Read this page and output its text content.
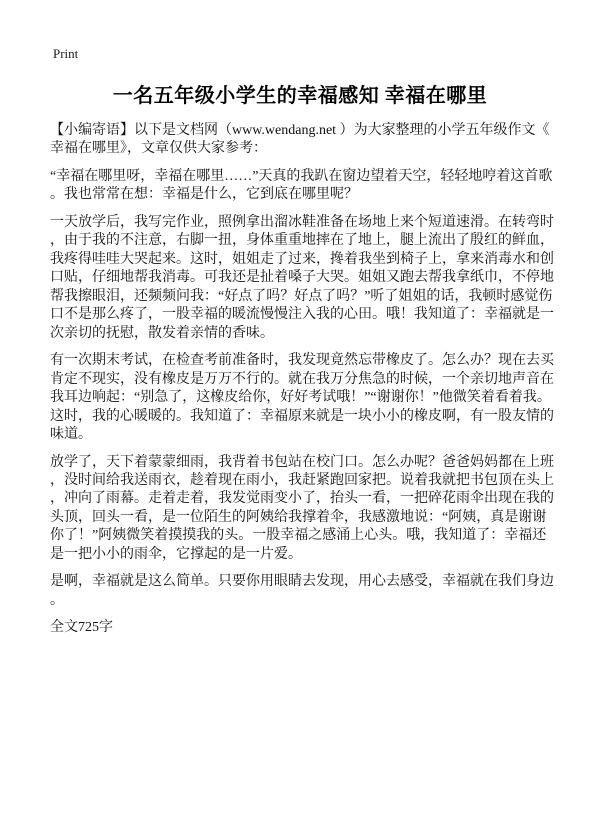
Print
一名五年级小学生的幸福感知 幸福在哪里

【小编寄语】以下是文档网（www.wendang.net ）为大家整理的小学五年级作文《幸福在哪里》，文章仅供大家参考：

“幸福在哪里呀，幸福在哪里……”天真的我趴在窗边望着天空，轻轻地哼着这首歌。我也常常在想：幸福是什么，它到底在哪里呢？

一天放学后，我写完作业，照例拿出溜冰鞋准备在场地上来个短道速滑。在转弯时，由于我的不注意，右脚一扭，身体重重地摔在了地上，腿上流出了殷红的鲜血，我疼得哇哇大哭起来。这时，姐姐走了过来，搀着我坐到椅子上，拿来消毒水和创口贴，仔细地帮我消毒。可我还是扯着嗓子大哭。姐姐又跑去帮我拿纸巾，不停地帮我擦眼泪，还频频问我：“好点了吗？好点了吗？”听了姐姐的话，我顿时感觉伤口不是那么疼了，一股幸福的暖流慢慢注入我的心田。哦！我知道了：幸福就是一次亲切的抚慰，散发着亲情的香味。

有一次期末考试，在检查考前准备时，我发现竟然忘带橡皮了。怎么办？现在去买肯定不现实，没有橡皮是万万不行的。就在我万分焦急的时候，一个亲切地声音在我耳边响起：“别急了，这橡皮给你，好好考试哦！”“谢谢你！”他微笑着看着我。这时，我的心暖暖的。我知道了：幸福原来就是一块小小的橡皮啊，有一股友情的味道。

放学了，天下着蒙蒙细雨，我背着书包站在校门口。怎么办呢？爸爸妈妈都在上班，没时间给我送雨衣，趁着现在雨小，我赶紧跑回家把。说着我就把书包顶在头上，冲向了雨幕。走着走着，我发觉雨变小了，抬头一看，一把碎花雨伞出现在我的头顶，回头一看，是一位陌生的阿姨给我撑着伞，我感激地说：“阿姨，真是谢谢你了！”阿姨微笑着摸摸我的头。一股幸福之感涌上心头。哦，我知道了：幸福还是一把小小的雨伞，它撑起的是一片爱。

是啊，幸福就是这么简单。只要你用眼睛去发现，用心去感受，幸福就在我们身边。

全文725字
